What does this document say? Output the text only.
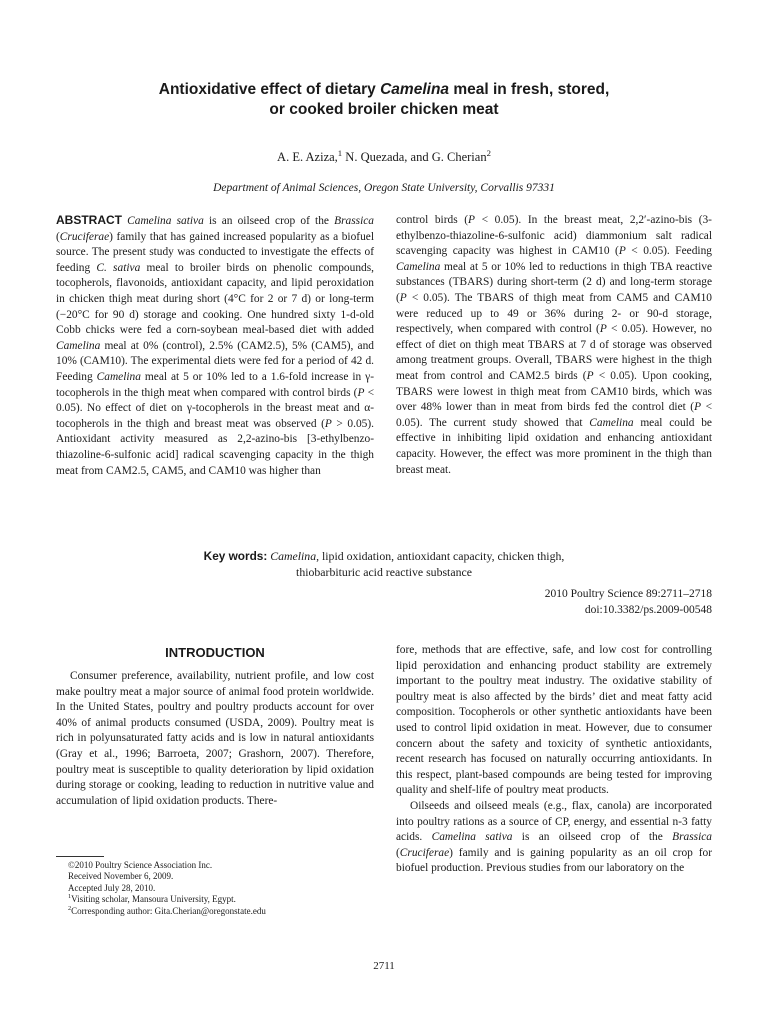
Antioxidative effect of dietary Camelina meal in fresh, stored,
or cooked broiler chicken meat
A. E. Aziza,$^1$ N. Quezada, and G. Cherian$^2$
Department of Animal Sciences, Oregon State University, Corvallis 97331
ABSTRACT Camelina sativa is an oilseed crop of the Brassica (Cruciferae) family that has gained increased popularity as a biofuel source. The present study was conducted to investigate the effects of feeding C. sativa meal to broiler birds on phenolic compounds, tocopherols, flavonoids, antioxidant capacity, and lipid peroxidation in chicken thigh meat during short (4°C for 2 or 7 d) or long-term (−20°C for 90 d) storage and cooking. One hundred sixty 1-d-old Cobb chicks were fed a corn-soybean meal-based diet with added Camelina meal at 0% (control), 2.5% (CAM2.5), 5% (CAM5), and 10% (CAM10). The experimental diets were fed for a period of 42 d. Feeding Camelina meal at 5 or 10% led to a 1.6-fold increase in γ-tocopherols in the thigh meat when compared with control birds (P < 0.05). No effect of diet on γ-tocopherols in the breast meat and α-tocopherols in the thigh and breast meat was observed (P > 0.05). Antioxidant activity measured as 2,2-azino-bis [3-ethylbenzo-thiazoline-6-sulfonic acid] radical scavenging capacity in the thigh meat from CAM2.5, CAM5, and CAM10 was higher than
control birds (P < 0.05). In the breast meat, 2,2′-azino-bis (3-ethylbenzo-thiazoline-6-sulfonic acid) diammonium salt radical scavenging capacity was highest in CAM10 (P < 0.05). Feeding Camelina meal at 5 or 10% led to reductions in thigh TBA reactive substances (TBARS) during short-term (2 d) and long-term storage (P < 0.05). The TBARS of thigh meat from CAM5 and CAM10 were reduced up to 49 or 36% during 2- or 90-d storage, respectively, when compared with control (P < 0.05). However, no effect of diet on thigh meat TBARS at 7 d of storage was observed among treatment groups. Overall, TBARS were highest in the thigh meat from control and CAM2.5 birds (P < 0.05). Upon cooking, TBARS were lowest in thigh meat from CAM10 birds, which was over 48% lower than in meat from birds fed the control diet (P < 0.05). The current study showed that Camelina meal could be effective in inhibiting lipid oxidation and enhancing antioxidant capacity. However, the effect was more prominent in the thigh than breast meat.
Key words: Camelina, lipid oxidation, antioxidant capacity, chicken thigh,
thiobarbituric acid reactive substance
2010 Poultry Science 89:2711–2718
doi:10.3382/ps.2009-00548
INTRODUCTION

Consumer preference, availability, nutrient profile, and low cost make poultry meat a major source of animal food protein worldwide. In the United States, poultry and poultry products account for over 40% of animal products consumed (USDA, 2009). Poultry meat is rich in polyunsaturated fatty acids and is low in natural antioxidants (Gray et al., 1996; Barroeta, 2007; Grashorn, 2007). Therefore, poultry meat is susceptible to quality deterioration by lipid oxidation during storage or cooking, leading to reduction in nutritive value and accumulation of lipid oxidation products. There-

fore, methods that are effective, safe, and low cost for controlling lipid peroxidation and enhancing product stability are extremely important to the poultry meat industry. The oxidative stability of poultry meat is also affected by the birds’ diet and meat fatty acid composition. Tocopherols or other synthetic antioxidants have been used to control lipid oxidation in meat. However, due to consumer concern about the safety and toxicity of synthetic antioxidants, recent research has focused on naturally occurring antioxidants. In this respect, plant-based compounds are being tested for improving quality and shelf-life of poultry meat products.

Oilseeds and oilseed meals (e.g., flax, canola) are incorporated into poultry rations as a source of CP, energy, and essential n-3 fatty acids. Camelina sativa is an oilseed crop of the Brassica (Cruciferae) family and is gaining popularity as an oil crop for biofuel production. Previous studies from our laboratory on the

©2010 Poultry Science Association Inc.
Received November 6, 2009.
Accepted July 28, 2010.
$^1$Visiting scholar, Mansoura University, Egypt.
$^2$Corresponding author: Gita.Cherian@oregonstate.edu
2711
